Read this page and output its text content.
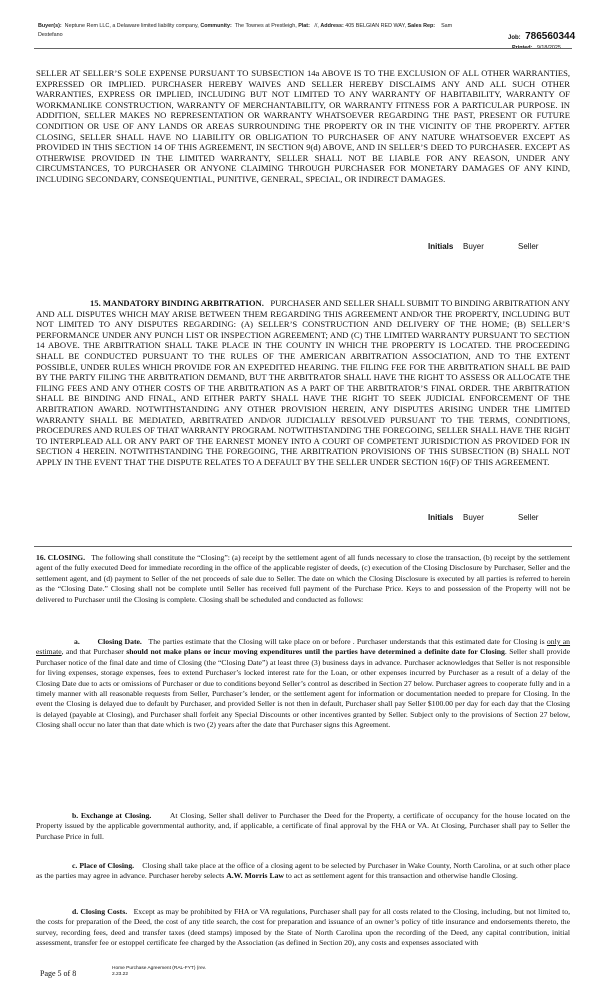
Buyer(s): Neptune Rem LLC, a Delaware limited liability company, Community: The Townes at Prestleigh, Plat: //, Address: 405 BELGIAN RED WAY, Sales Rep: Sam
Destefano
Job: 786560344
Printed: 9/18/2025

SELLER AT SELLER’S SOLE EXPENSE PURSUANT TO SUBSECTION 14a ABOVE IS TO THE EXCLUSION OF ALL OTHER WARRANTIES, EXPRESSED OR IMPLIED. PURCHASER HEREBY WAIVES AND SELLER HEREBY DISCLAIMS ANY AND ALL SUCH OTHER WARRANTIES, EXPRESS OR IMPLIED, INCLUDING BUT NOT LIMITED TO ANY WARRANTY OF HABITABILITY, WARRANTY OF WORKMANLIKE CONSTRUCTION, WARRANTY OF MERCHANTABILITY, OR WARRANTY FITNESS FOR A PARTICULAR PURPOSE. IN ADDITION, SELLER MAKES NO REPRESENTATION OR WARRANTY WHATSOEVER REGARDING THE PAST, PRESENT OR FUTURE CONDITION OR USE OF ANY LANDS OR AREAS SURROUNDING THE PROPERTY OR IN THE VICINITY OF THE PROPERTY. AFTER CLOSING, SELLER SHALL HAVE NO LIABILITY OR OBLIGATION TO PURCHASER OF ANY NATURE WHATSOEVER EXCEPT AS PROVIDED IN THIS SECTION 14 OF THIS AGREEMENT, IN SECTION 9(d) ABOVE, AND IN SELLER’S DEED TO PURCHASER. EXCEPT AS OTHERWISE PROVIDED IN THE LIMITED WARRANTY, SELLER SHALL NOT BE LIABLE FOR ANY REASON, UNDER ANY CIRCUMSTANCES, TO PURCHASER OR ANYONE CLAIMING THROUGH PURCHASER FOR MONETARY DAMAGES OF ANY KIND, INCLUDING SECONDARY, CONSEQUENTIAL, PUNITIVE, GENERAL, SPECIAL, OR INDIRECT DAMAGES.

Initials Buyer	Seller

15. MANDATORY BINDING ARBITRATION. PURCHASER AND SELLER SHALL SUBMIT TO BINDING ARBITRATION ANY AND ALL DISPUTES WHICH MAY ARISE BETWEEN THEM REGARDING THIS AGREEMENT AND/OR THE PROPERTY, INCLUDING BUT NOT LIMITED TO ANY DISPUTES REGARDING: (A) SELLER’S CONSTRUCTION AND DELIVERY OF THE HOME; (B) SELLER’S PERFORMANCE UNDER ANY PUNCH LIST OR INSPECTION AGREEMENT; AND (C) THE LIMITED WARRANTY PURSUANT TO SECTION 14 ABOVE. THE ARBITRATION SHALL TAKE PLACE IN THE COUNTY IN WHICH THE PROPERTY IS LOCATED. THE PROCEEDING SHALL BE CONDUCTED PURSUANT TO THE RULES OF THE AMERICAN ARBITRATION ASSOCIATION, AND TO THE EXTENT POSSIBLE, UNDER RULES WHICH PROVIDE FOR AN EXPEDITED HEARING. THE FILING FEE FOR THE ARBITRATION SHALL BE PAID BY THE PARTY FILING THE ARBITRATION DEMAND, BUT THE ARBITRATOR SHALL HAVE THE RIGHT TO ASSESS OR ALLOCATE THE FILING FEES AND ANY OTHER COSTS OF THE ARBITRATION AS A PART OF THE ARBITRATOR’S FINAL ORDER. THE ARBITRATION SHALL BE BINDING AND FINAL, AND EITHER PARTY SHALL HAVE THE RIGHT TO SEEK JUDICIAL ENFORCEMENT OF THE ARBITRATION AWARD. NOTWITHSTANDING ANY OTHER PROVISION HEREIN, ANY DISPUTES ARISING UNDER THE LIMITED WARRANTY SHALL BE MEDIATED, ARBITRATED AND/OR JUDICIALLY RESOLVED PURSUANT TO THE TERMS, CONDITIONS, PROCEDURES AND RULES OF THAT WARRANTY PROGRAM. NOTWITHSTANDING THE FOREGOING, SELLER SHALL HAVE THE RIGHT TO INTERPLEAD ALL OR ANY PART OF THE EARNEST MONEY INTO A COURT OF COMPETENT JURISDICTION AS PROVIDED FOR IN SECTION 4 HEREIN. NOTWITHSTANDING THE FOREGOING, THE ARBITRATION PROVISIONS OF THIS SUBSECTION (B) SHALL NOT APPLY IN THE EVENT THAT THE DISPUTE RELATES TO A DEFAULT BY THE SELLER UNDER SECTION 16(F) OF THIS AGREEMENT.

Initials Buyer	Seller

16. CLOSING. The following shall constitute the “Closing”: (a) receipt by the settlement agent of all funds necessary to close the transaction, (b) receipt by the settlement agent of the fully executed Deed for immediate recording in the office of the applicable register of deeds, (c) execution of the Closing Disclosure by Purchaser, Seller and the settlement agent, and (d) payment to Seller of the net proceeds of sale due to Seller. The date on which the Closing Disclosure is executed by all parties is referred to herein as the “Closing Date.” Closing shall not be complete until Seller has received full payment of the Purchase Price. Keys to and possession of the Property will not be delivered to Purchaser until the Closing is complete. Closing shall be scheduled and conducted as follows:

a. Closing Date. The parties estimate that the Closing will take place on or before . Purchaser understands that this estimated date for Closing is only an estimate, and that Purchaser should not make plans or incur moving expenditures until the parties have determined a definite date for Closing. Seller shall provide Purchaser notice of the final date and time of Closing (the “Closing Date”) at least three (3) business days in advance. Purchaser acknowledges that Seller is not responsible for living expenses, storage expenses, fees to extend Purchaser’s locked interest rate for the Loan, or other expenses incurred by Purchaser as a result of a delay of the Closing Date due to acts or omissions of Purchaser or due to conditions beyond Seller’s control as described in Section 27 below. Purchaser agrees to cooperate fully and in a timely manner with all reasonable requests from Seller, Purchaser’s lender, or the settlement agent for information or documentation needed to prepare for Closing. In the event the Closing is delayed due to default by Purchaser, and provided Seller is not then in default, Purchaser shall pay Seller $100.00 per day for each day that the Closing is delayed (payable at Closing), and Purchaser shall forfeit any Special Discounts or other incentives granted by Seller. Subject only to the provisions of Section 27 below, Closing shall occur no later than that date which is two (2) years after the date that Purchaser signs this Agreement.

b. Exchange at Closing. At Closing, Seller shall deliver to Purchaser the Deed for the Property, a certificate of occupancy for the house located on the Property issued by the applicable governmental authority, and, if applicable, a certificate of final approval by the FHA or VA. At Closing, Purchaser shall pay to Seller the Purchase Price in full.

c. Place of Closing. Closing shall take place at the office of a closing agent to be selected by Purchaser in Wake County, North Carolina, or at such other place as the parties may agree in advance. Purchaser hereby selects A.W. Morris Law to act as settlement agent for this transaction and otherwise handle Closing.

d. Closing Costs. Except as may be prohibited by FHA or VA regulations, Purchaser shall pay for all costs related to the Closing, including, but not limited to, the costs for preparation of the Deed, the cost of any title search, the cost for preparation and issuance of an owner’s policy of title insurance and endorsements thereto, the survey, recording fees, deed and transfer taxes (deed stamps) imposed by the State of North Carolina upon the recording of the Deed, any capital contribution, initial assessment, transfer fee or estoppel certificate fee charged by the Association (as defined in Section 20), any costs and expenses associated with

Page 5 of 8
Home Purchase Agreement (RAL-FYT) (rev.
2.23.22
